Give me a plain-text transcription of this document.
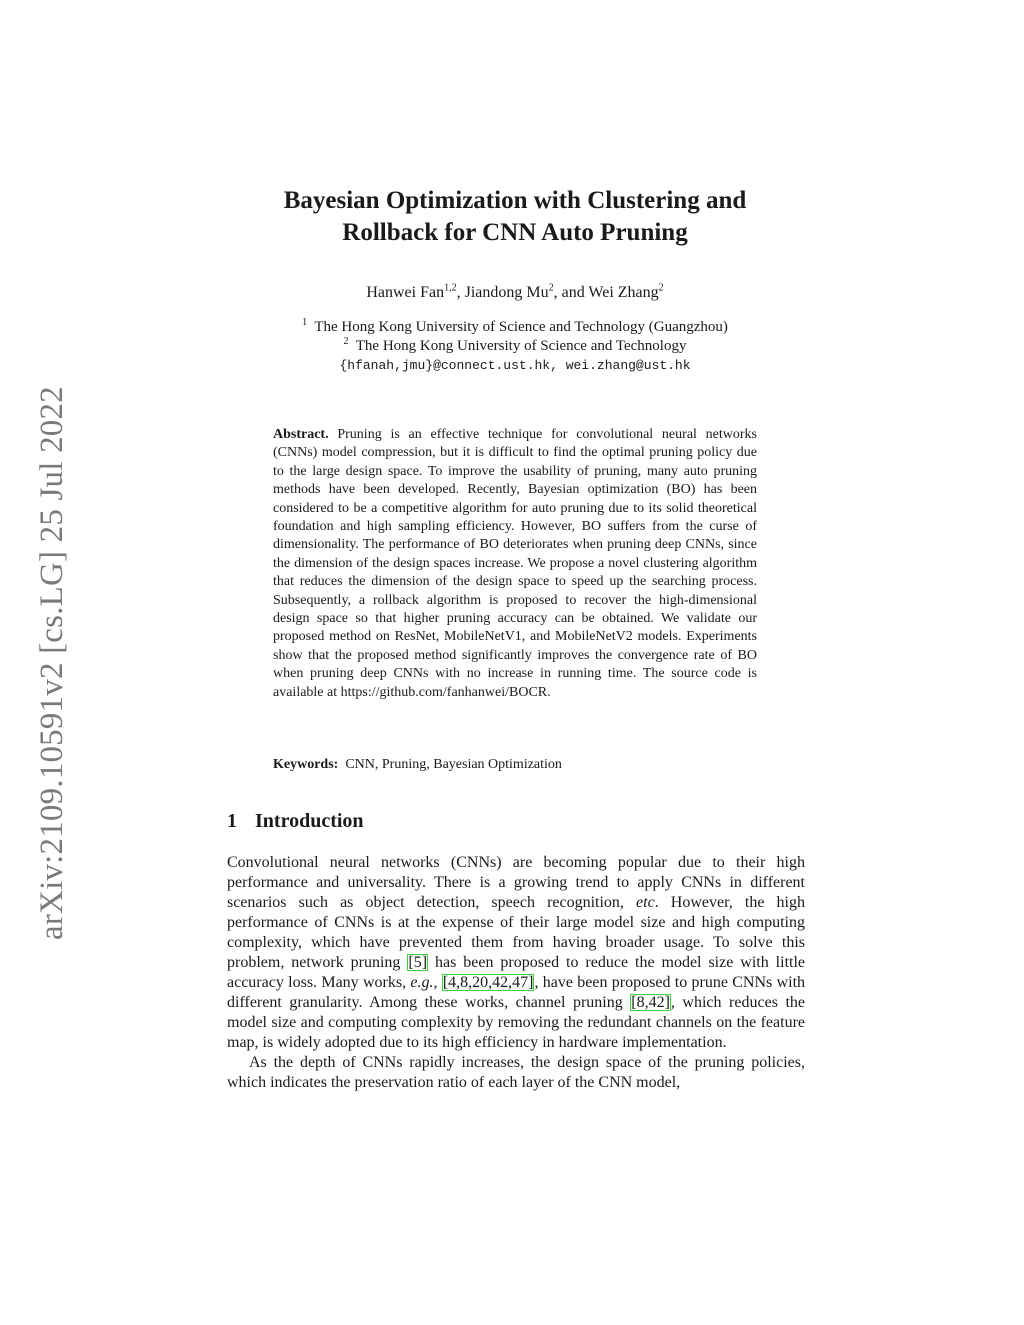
arXiv:2109.10591v2 [cs.LG] 25 Jul 2022
Bayesian Optimization with Clustering and
Rollback for CNN Auto Pruning
Hanwei Fan$^{1,2}$, Jiandong Mu$^2$, and Wei Zhang$^2$
$^1$ The Hong Kong University of Science and Technology (Guangzhou)
$^2$ The Hong Kong University of Science and Technology
{hfanah,jmu}@connect.ust.hk, wei.zhang@ust.hk
Abstract. Pruning is an effective technique for convolutional neural networks (CNNs) model compression, but it is difficult to find the optimal pruning policy due to the large design space. To improve the usability of pruning, many auto pruning methods have been developed. Recently, Bayesian optimization (BO) has been considered to be a competitive algorithm for auto pruning due to its solid theoretical foundation and high sampling efficiency. However, BO suffers from the curse of dimensionality. The performance of BO deteriorates when pruning deep CNNs, since the dimension of the design spaces increase. We propose a novel clustering algorithm that reduces the dimension of the design space to speed up the searching process. Subsequently, a rollback algorithm is proposed to recover the high-dimensional design space so that higher pruning accuracy can be obtained. We validate our proposed method on ResNet, MobileNetV1, and MobileNetV2 models. Experiments show that the proposed method significantly improves the convergence rate of BO when pruning deep CNNs with no increase in running time. The source code is available at https://github.com/fanhanwei/BOCR.
Keywords: CNN, Pruning, Bayesian Optimization
1 Introduction

Convolutional neural networks (CNNs) are becoming popular due to their high performance and universality. There is a growing trend to apply CNNs in different scenarios such as object detection, speech recognition, etc. However, the high performance of CNNs is at the expense of their large model size and high computing complexity, which have prevented them from having broader usage. To solve this problem, network pruning [5] has been proposed to reduce the model size with little accuracy loss. Many works, e.g., [4,8,20,42,47], have been proposed to prune CNNs with different granularity. Among these works, channel pruning [8,42], which reduces the model size and computing complexity by removing the redundant channels on the feature map, is widely adopted due to its high efficiency in hardware implementation.

As the depth of CNNs rapidly increases, the design space of the pruning policies, which indicates the preservation ratio of each layer of the CNN model,
